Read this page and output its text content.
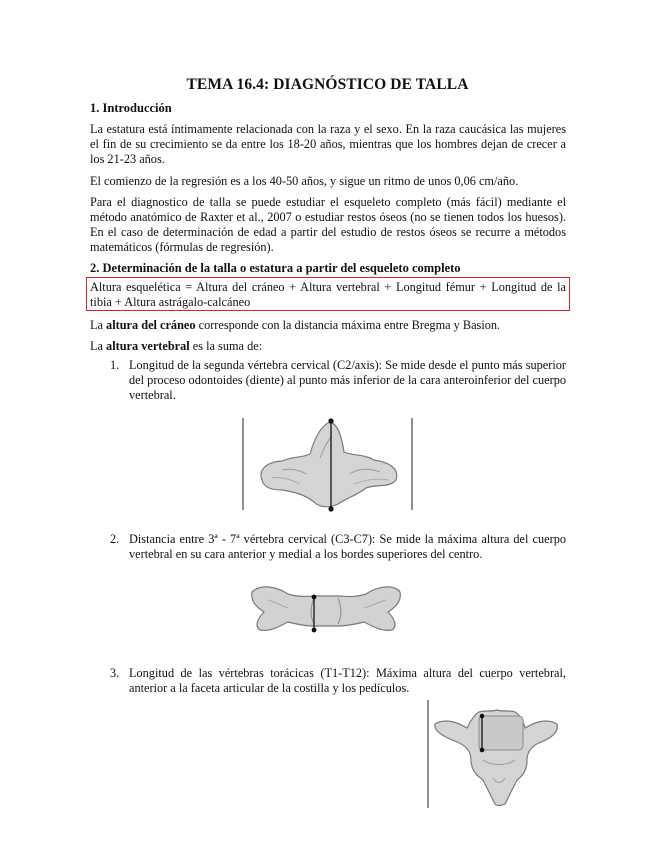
TEMA 16.4: DIAGNÓSTICO DE TALLA
1. Introducción
La estatura está íntimamente relacionada con la raza y el sexo. En la raza caucásica las mujeres el fin de su crecimiento se da entre los 18-20 años, mientras que los hombres dejan de crecer a los 21-23 años.
El comienzo de la regresión es a los 40-50 años, y sigue un ritmo de unos 0,06 cm/año.
Para el diagnostico de talla se puede estudiar el esqueleto completo (más fácil) mediante el método anatómico de Raxter et al., 2007 o estudiar restos óseos (no se tienen todos los huesos). En el caso de determinación de edad a partir del estudio de restos óseos se recurre a métodos matemáticos (fórmulas de regresión).
2. Determinación de la talla o estatura a partir del esqueleto completo
Altura esquelética = Altura del cráneo + Altura vertebral + Longitud fémur + Longitud de la tibia + Altura astrágalo-calcáneo
La altura del cráneo corresponde con la distancia máxima entre Bregma y Basion.
La altura vertebral es la suma de:
1. Longitud de la segunda vértebra cervical (C2/axis): Se mide desde el punto más superior del proceso odontoides (diente) al punto más inferior de la cara anteroinferior del cuerpo vertebral.
2. Distancia entre 3ª - 7ª vértebra cervical (C3-C7): Se mide la máxima altura del cuerpo vertebral en su cara anterior y medial a los bordes superiores del centro.
3. Longitud de las vértebras torácicas (T1-T12): Máxima altura del cuerpo vertebral, anterior a la faceta articular de la costilla y los pedículos.
